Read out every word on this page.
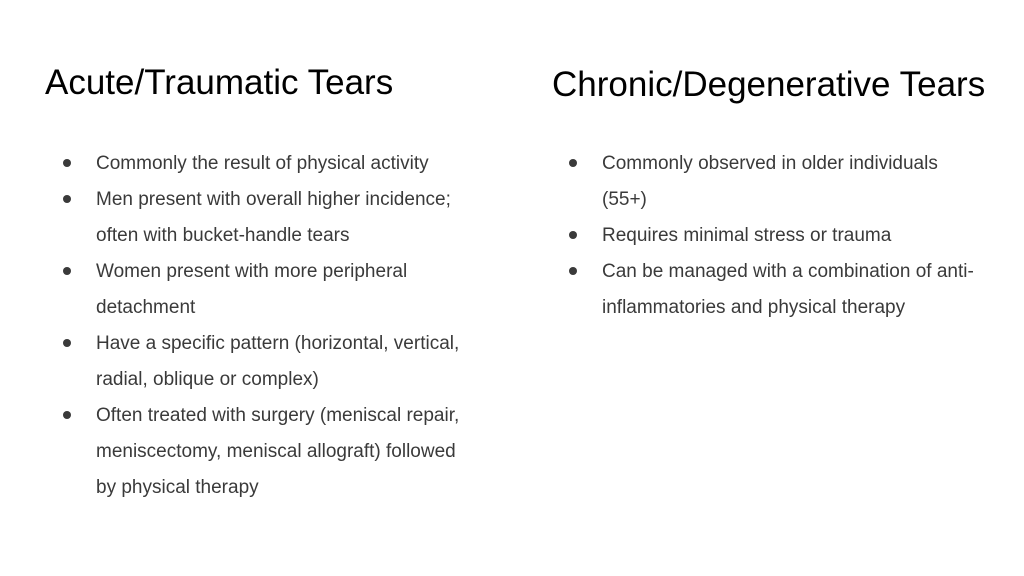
Acute/Traumatic Tears
Commonly the result of physical activity
Men present with overall higher incidence; often with bucket-handle tears
Women present with more peripheral detachment
Have a specific pattern (horizontal, vertical, radial, oblique or complex)
Often treated with surgery (meniscal repair, meniscectomy, meniscal allograft) followed by physical therapy
Chronic/Degenerative Tears
Commonly observed in older individuals (55+)
Requires minimal stress or trauma
Can be managed with a combination of anti-inflammatories and physical therapy
